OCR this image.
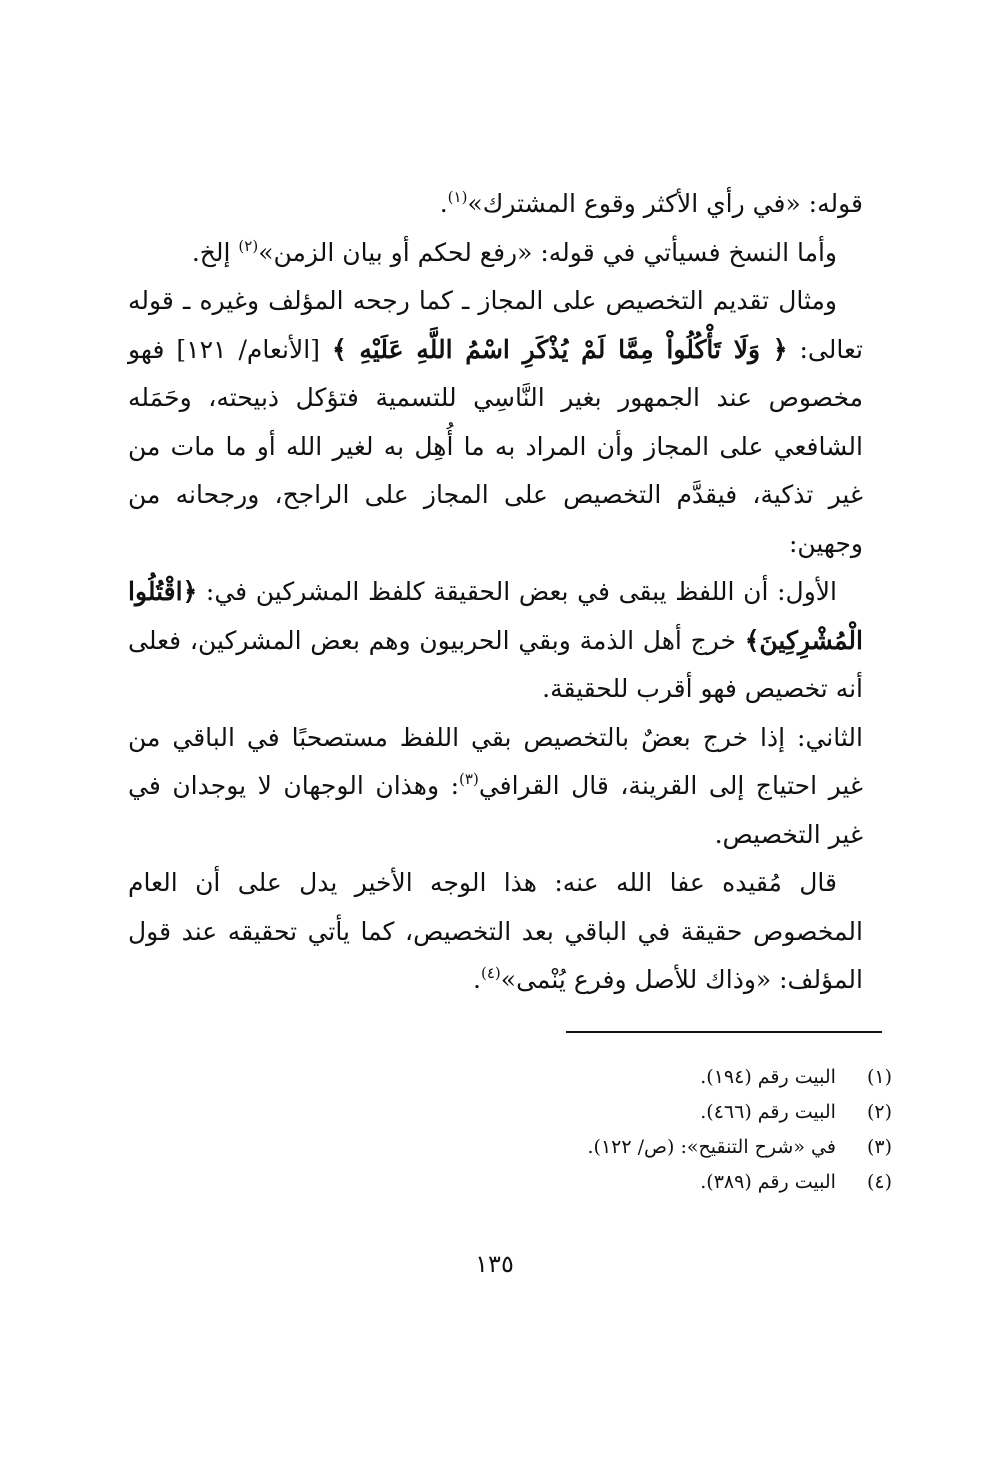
قوله: «في رأي الأكثر وقوع المشترك»$^{(١)}$.

وأما النسخ فسيأتي في قوله: «رفع لحكم أو بيان الزمن»$^{(٢)}$ إلخ.

ومثال تقديم التخصيص على المجاز ـ كما رجحه المؤلف وغيره ـ قوله تعالى: ﴿ وَلَا تَأْكُلُواْ مِمَّا لَمْ يُذْكَرِ اسْمُ اللَّهِ عَلَيْهِ ﴾ [الأنعام/ ١٢١] فهو مخصوص عند الجمهور بغير النَّاسِي للتسمية فتؤكل ذبيحته، وحَمَله الشافعي على المجاز وأن المراد به ما أُهِل به لغير الله أو ما مات من غير تذكية، فيقدَّم التخصيص على المجاز على الراجح، ورجحانه من وجهين:

الأول: أن اللفظ يبقى في بعض الحقيقة كلفظ المشركين في: ﴿اقْتُلُوا الْمُشْرِكِينَ﴾ خرج أهل الذمة وبقي الحربيون وهم بعض المشركين، فعلى أنه تخصيص فهو أقرب للحقيقة.

الثاني: إذا خرج بعضٌ بالتخصيص بقي اللفظ مستصحبًا في الباقي من غير احتياج إلى القرينة، قال القرافي$^{(٣)}$: وهذان الوجهان لا يوجدان في غير التخصيص.

قال مُقيده عفا الله عنه: هذا الوجه الأخير يدل على أن العام المخصوص حقيقة في الباقي بعد التخصيص، كما يأتي تحقيقه عند قول المؤلف: «وذاك للأصل وفرع يُنْمى»$^{(٤)}$.

(١)  البيت رقم (١٩٤).
(٢)  البيت رقم (٤٦٦).
(٣)  في «شرح التنقيح»: (ص/ ١٢٢).
(٤)  البيت رقم (٣٨٩).
١٣٥
